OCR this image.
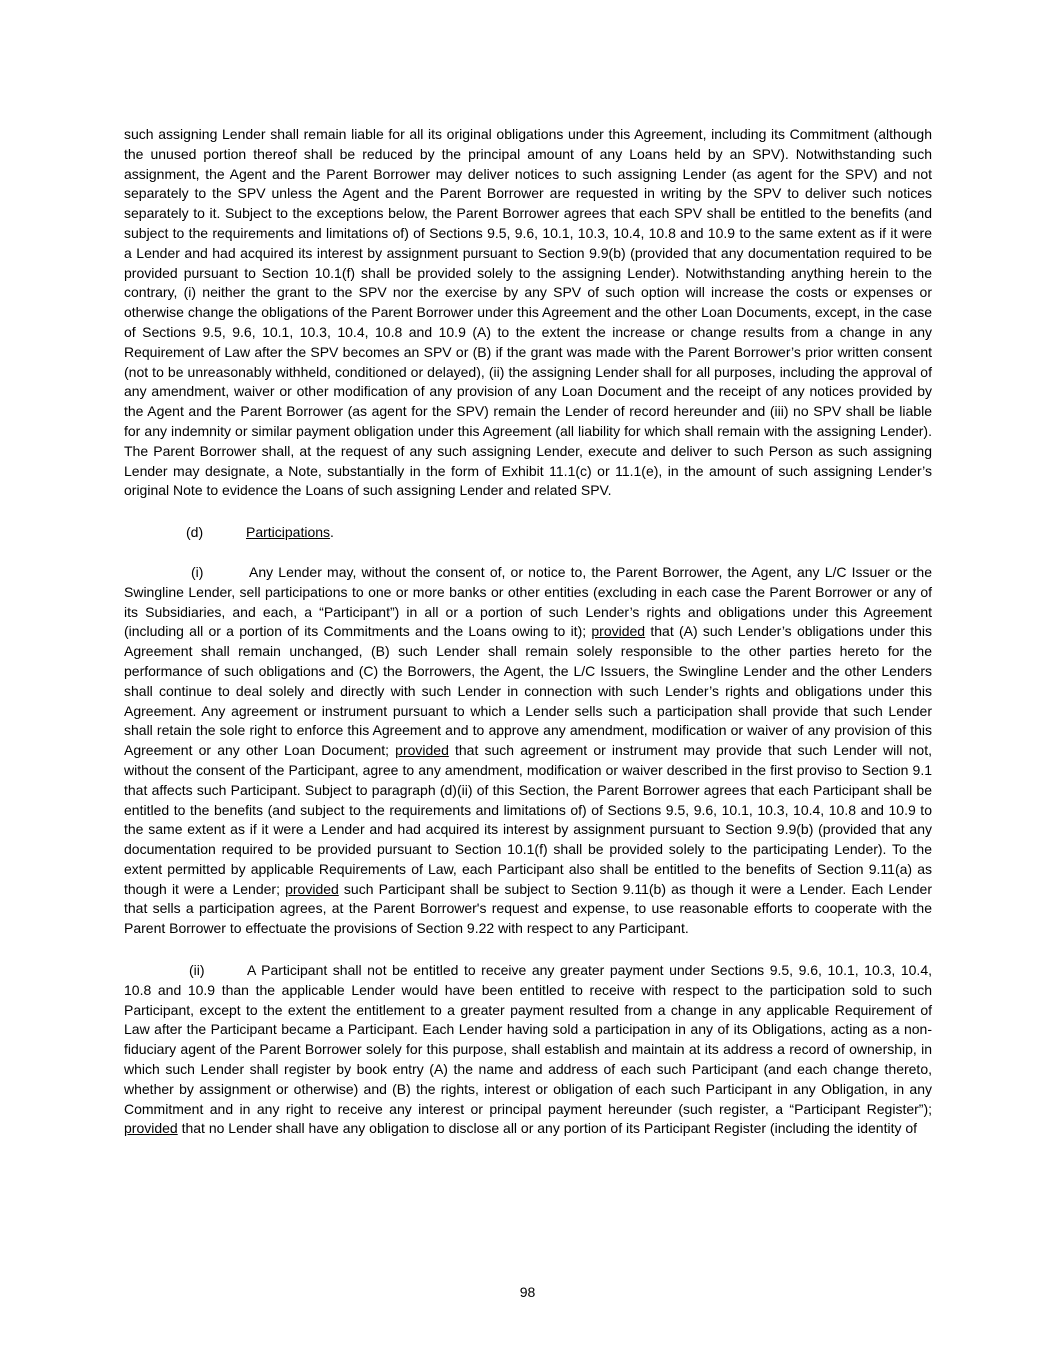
such assigning Lender shall remain liable for all its original obligations under this Agreement, including its Commitment (although the unused portion thereof shall be reduced by the principal amount of any Loans held by an SPV). Notwithstanding such assignment, the Agent and the Parent Borrower may deliver notices to such assigning Lender (as agent for the SPV) and not separately to the SPV unless the Agent and the Parent Borrower are requested in writing by the SPV to deliver such notices separately to it. Subject to the exceptions below, the Parent Borrower agrees that each SPV shall be entitled to the benefits (and subject to the requirements and limitations of) of Sections 9.5, 9.6, 10.1, 10.3, 10.4, 10.8 and 10.9 to the same extent as if it were a Lender and had acquired its interest by assignment pursuant to Section 9.9(b) (provided that any documentation required to be provided pursuant to Section 10.1(f) shall be provided solely to the assigning Lender). Notwithstanding anything herein to the contrary, (i) neither the grant to the SPV nor the exercise by any SPV of such option will increase the costs or expenses or otherwise change the obligations of the Parent Borrower under this Agreement and the other Loan Documents, except, in the case of Sections 9.5, 9.6, 10.1, 10.3, 10.4, 10.8 and 10.9 (A) to the extent the increase or change results from a change in any Requirement of Law after the SPV becomes an SPV or (B) if the grant was made with the Parent Borrower’s prior written consent (not to be unreasonably withheld, conditioned or delayed), (ii) the assigning Lender shall for all purposes, including the approval of any amendment, waiver or other modification of any provision of any Loan Document and the receipt of any notices provided by the Agent and the Parent Borrower (as agent for the SPV) remain the Lender of record hereunder and (iii) no SPV shall be liable for any indemnity or similar payment obligation under this Agreement (all liability for which shall remain with the assigning Lender). The Parent Borrower shall, at the request of any such assigning Lender, execute and deliver to such Person as such assigning Lender may designate, a Note, substantially in the form of Exhibit 11.1(c) or 11.1(e), in the amount of such assigning Lender’s original Note to evidence the Loans of such assigning Lender and related SPV.

(d)	Participations.

(i)	Any Lender may, without the consent of, or notice to, the Parent Borrower, the Agent, any L/C Issuer or the Swingline Lender, sell participations to one or more banks or other entities (excluding in each case the Parent Borrower or any of its Subsidiaries, and each, a “Participant”) in all or a portion of such Lender’s rights and obligations under this Agreement (including all or a portion of its Commitments and the Loans owing to it); provided that (A) such Lender’s obligations under this Agreement shall remain unchanged, (B) such Lender shall remain solely responsible to the other parties hereto for the performance of such obligations and (C) the Borrowers, the Agent, the L/C Issuers, the Swingline Lender and the other Lenders shall continue to deal solely and directly with such Lender in connection with such Lender’s rights and obligations under this Agreement. Any agreement or instrument pursuant to which a Lender sells such a participation shall provide that such Lender shall retain the sole right to enforce this Agreement and to approve any amendment, modification or waiver of any provision of this Agreement or any other Loan Document; provided that such agreement or instrument may provide that such Lender will not, without the consent of the Participant, agree to any amendment, modification or waiver described in the first proviso to Section 9.1 that affects such Participant. Subject to paragraph (d)(ii) of this Section, the Parent Borrower agrees that each Participant shall be entitled to the benefits (and subject to the requirements and limitations of) of Sections 9.5, 9.6, 10.1, 10.3, 10.4, 10.8 and 10.9 to the same extent as if it were a Lender and had acquired its interest by assignment pursuant to Section 9.9(b) (provided that any documentation required to be provided pursuant to Section 10.1(f) shall be provided solely to the participating Lender). To the extent permitted by applicable Requirements of Law, each Participant also shall be entitled to the benefits of Section 9.11(a) as though it were a Lender; provided such Participant shall be subject to Section 9.11(b) as though it were a Lender. Each Lender that sells a participation agrees, at the Parent Borrower's request and expense, to use reasonable efforts to cooperate with the Parent Borrower to effectuate the provisions of Section 9.22 with respect to any Participant.

(ii)	A Participant shall not be entitled to receive any greater payment under Sections 9.5, 9.6, 10.1, 10.3, 10.4, 10.8 and 10.9 than the applicable Lender would have been entitled to receive with respect to the participation sold to such Participant, except to the extent the entitlement to a greater payment resulted from a change in any applicable Requirement of Law after the Participant became a Participant. Each Lender having sold a participation in any of its Obligations, acting as a non-fiduciary agent of the Parent Borrower solely for this purpose, shall establish and maintain at its address a record of ownership, in which such Lender shall register by book entry (A) the name and address of each such Participant (and each change thereto, whether by assignment or otherwise) and (B) the rights, interest or obligation of each such Participant in any Obligation, in any Commitment and in any right to receive any interest or principal payment hereunder (such register, a “Participant Register”); provided that no Lender shall have any obligation to disclose all or any portion of its Participant Register (including the identity of

98
